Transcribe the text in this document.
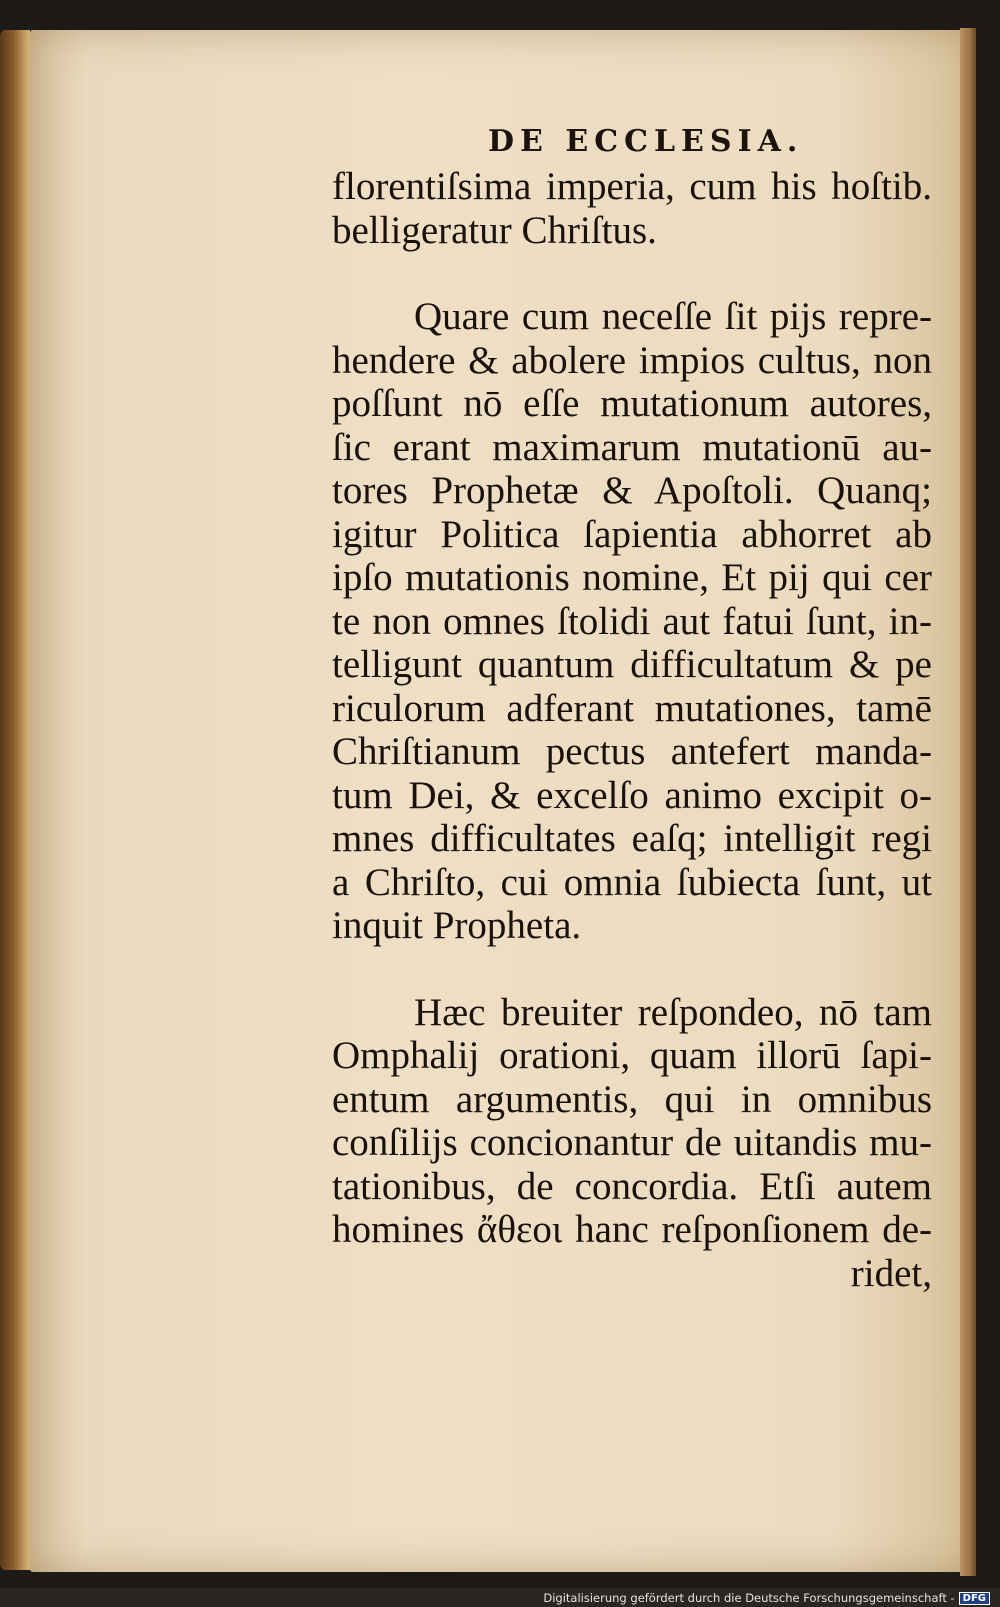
DE ECCLESIA.
florentiſsima imperia, cum his hoſtib.
belligeratur Chriſtus.
Quare cum neceſſe ſit pijs repre-
hendere & abolere impios cultus, non
poſſunt nō eſſe mutationum autores,
ſic erant maximarum mutationū au-
tores Prophetæ & Apoſtoli. Quanq;
igitur Politica ſapientia abhorret ab
ipſo mutationis nomine, Et pij qui cer
te non omnes ſtolidi aut fatui ſunt, in-
telligunt quantum difficultatum & pe
riculorum adferant mutationes, tamē
Chriſtianum pectus antefert manda-
tum Dei, & excelſo animo excipit o-
mnes difficultates eaſq; intelligit regi
a Chriſto, cui omnia ſubiecta ſunt, ut
inquit Propheta.
Hæc breuiter reſpondeo, nō tam
Omphalij orationi, quam illorū ſapi-
entum argumentis, qui in omnibus
conſilijs concionantur de uitandis mu-
tationibus, de concordia. Etſi autem
homines ἄθεοι hanc reſponſionem de-
ridet,
Digitalisierung gefördert durch die Deutsche Forschungsgemeinschaft - DFG
